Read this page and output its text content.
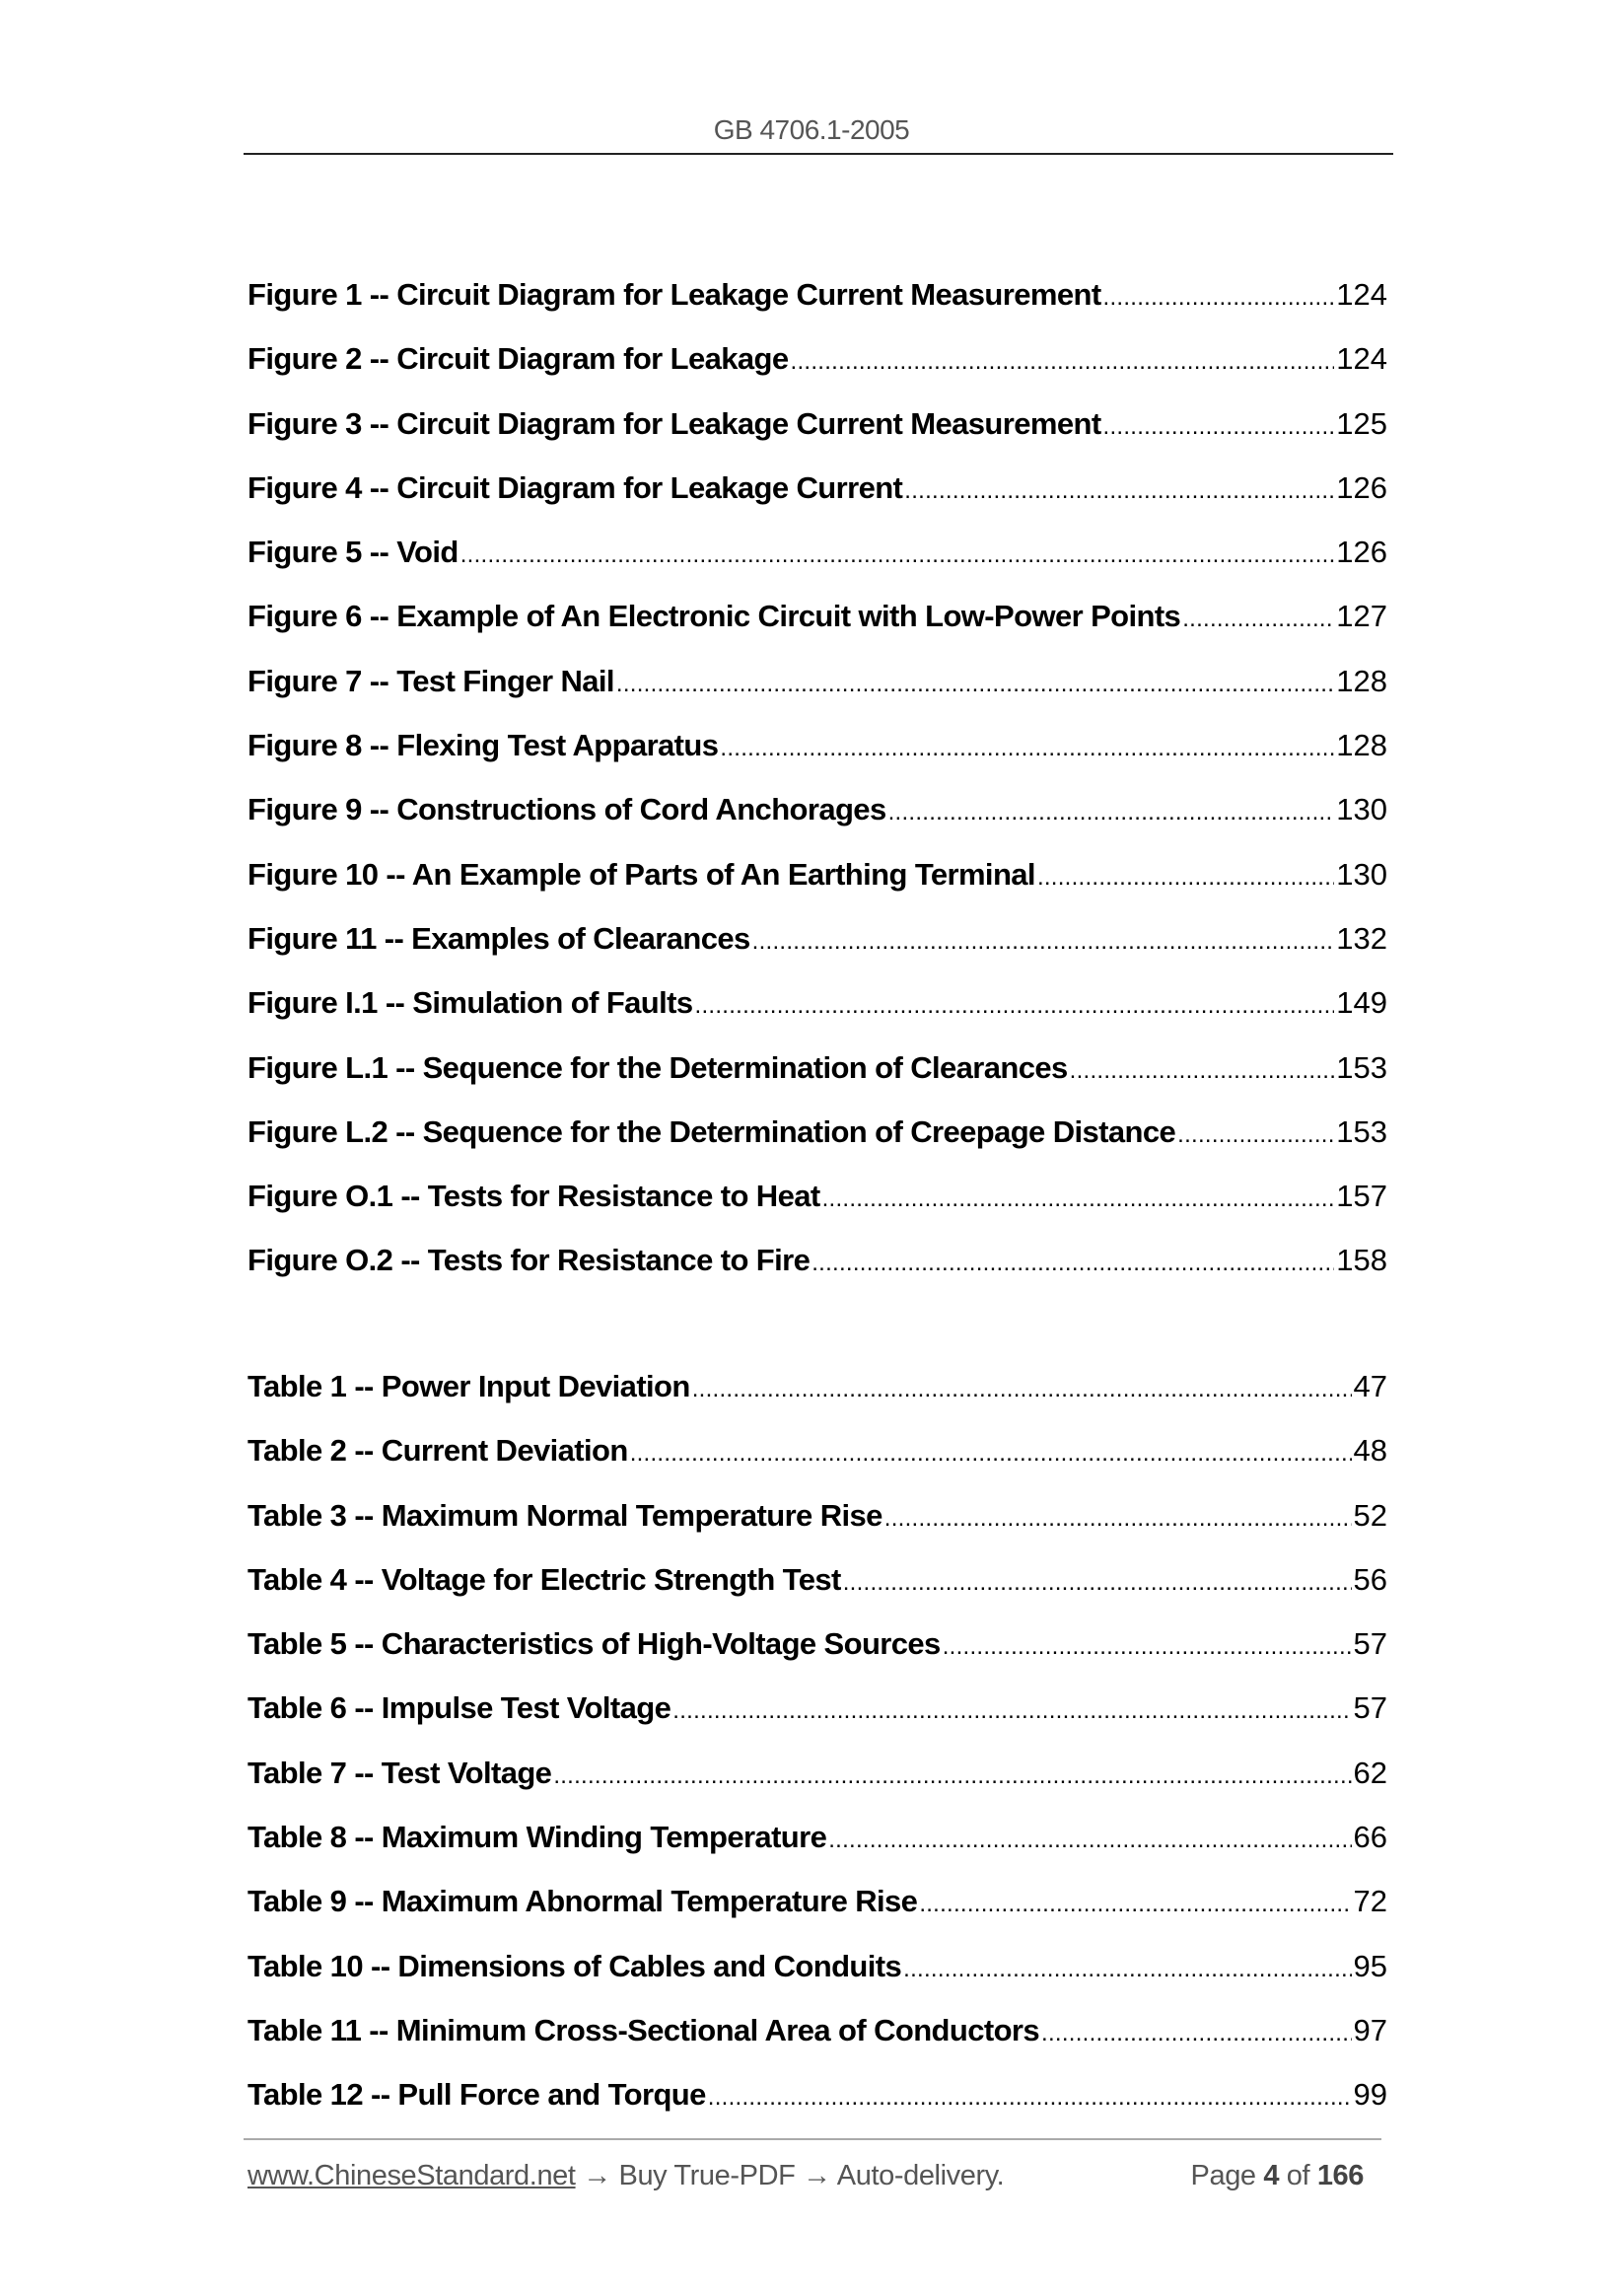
GB 4706.1-2005
Figure 1 -- Circuit Diagram for Leakage Current Measurement . . .	124
Figure 2 -- Circuit Diagram for Leakage . . .	124
Figure 3 -- Circuit Diagram for Leakage Current Measurement . . .	125
Figure 4 -- Circuit Diagram for Leakage Current . . .	126
Figure 5 -- Void . . .	126
Figure 6 -- Example of An Electronic Circuit with Low-Power Points . . .	127
Figure 7 -- Test Finger Nail . . .	128
Figure 8 -- Flexing Test Apparatus . . .	128
Figure 9 -- Constructions of Cord Anchorages . . .	130
Figure 10 -- An Example of Parts of An Earthing Terminal . . .	130
Figure 11 -- Examples of Clearances . . .	132
Figure I.1 -- Simulation of Faults . . .	149
Figure L.1 -- Sequence for the Determination of Clearances . . .	153
Figure L.2 -- Sequence for the Determination of Creepage Distance . . .	153
Figure O.1 -- Tests for Resistance to Heat . . .	157
Figure O.2 -- Tests for Resistance to Fire . . .	158
Table 1 -- Power Input Deviation . . .	47
Table 2 -- Current Deviation . . .	48
Table 3 -- Maximum Normal Temperature Rise . . .	52
Table 4 -- Voltage for Electric Strength Test . . .	56
Table 5 -- Characteristics of High-Voltage Sources . . .	57
Table 6 -- Impulse Test Voltage . . .	57
Table 7 -- Test Voltage . . .	62
Table 8 -- Maximum Winding Temperature . . .	66
Table 9 -- Maximum Abnormal Temperature Rise . . .	72
Table 10 -- Dimensions of Cables and Conduits . . .	95
Table 11 -- Minimum Cross-Sectional Area of Conductors . . .	97
Table 12 -- Pull Force and Torque . . .	99
www.ChineseStandard.net → Buy True-PDF → Auto-delivery.	Page 4 of 166
